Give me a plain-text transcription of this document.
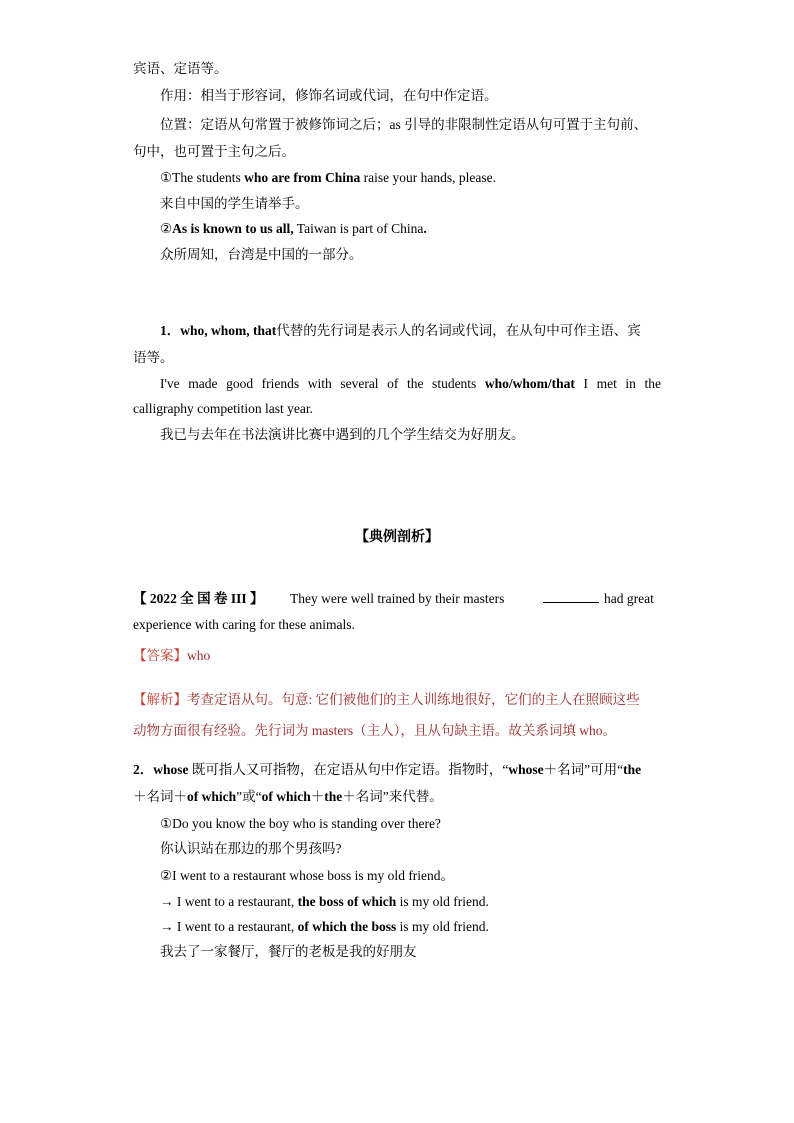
宾语、定语等。
作用：相当于形容词，修饰名词或代词，在句中作定语。
位置：定语从句常置于被修饰词之后；as 引导的非限制性定语从句可置于主句前、
句中，也可置于主句之后。
①The students who are from China raise your hands, please.
来自中国的学生请举手。
②As is known to us all, Taiwan is part of China.
众所周知，台湾是中国的一部分。
1．who, whom, that代替的先行词是表示人的名词或代词，在从句中可作主语、宾
语等。
I've made good friends with several of the students who/whom/that I met in the
calligraphy competition last year.
我已与去年在书法演讲比赛中遇到的几个学生结交为好朋友。
【典例剖析】
【 2022 全 国 卷 III 】 They were well trained by their masters	had great
experience with caring for these animals.
【答案】who
【解析】考查定语从句。句意: 它们被他们的主人训练地很好，它们的主人在照顾这些
动物方面很有经验。先行词为 masters（主人），且从句缺主语。故关系词填 who。
2．whose 既可指人又可指物，在定语从句中作定语。指物时，“whose＋名词”可用“the
＋名词＋of which”或“of which＋the＋名词”来代替。
①Do you know the boy who is standing over there?
你认识站在那边的那个男孩吗?
②I went to a restaurant whose boss is my old friend。
→ I went to a restaurant, the boss of which is my old friend.
→ I went to a restaurant, of which the boss is my old friend.
我去了一家餐厅，餐厅的老板是我的好朋友
